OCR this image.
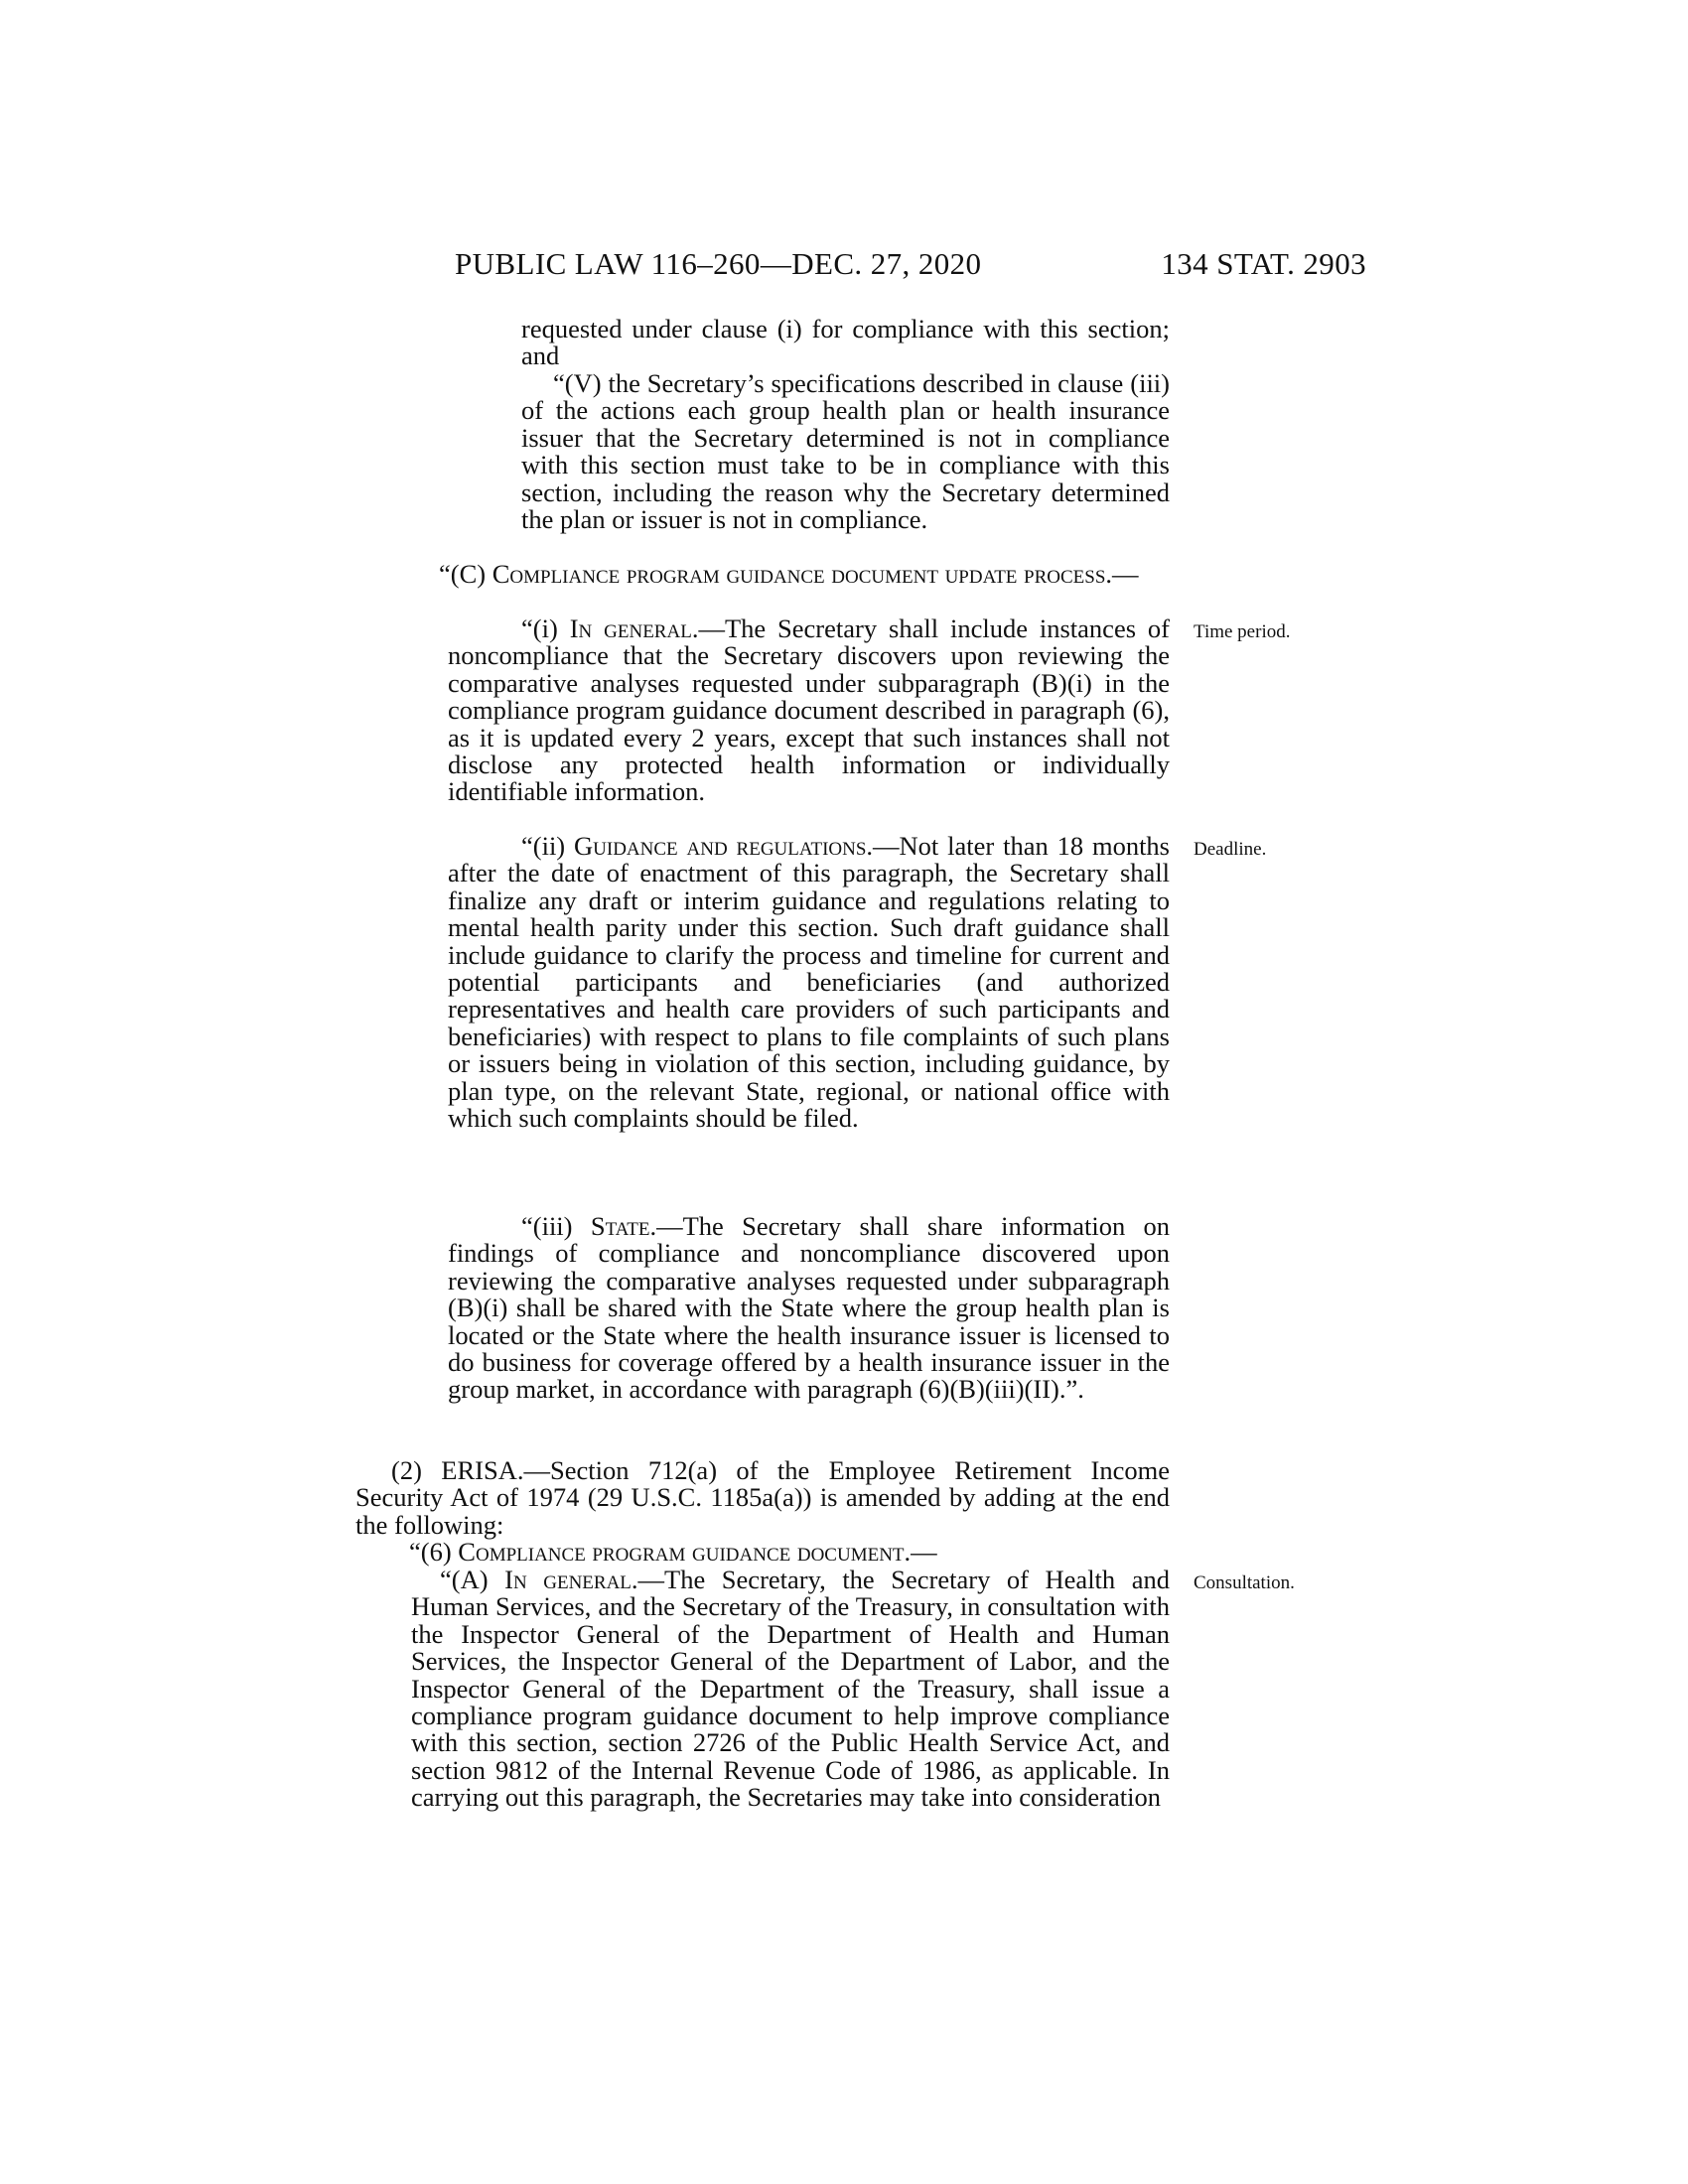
PUBLIC LAW 116–260—DEC. 27, 2020	134 STAT. 2903
requested under clause (i) for compliance with this section; and
“(V) the Secretary’s specifications described in clause (iii) of the actions each group health plan or health insurance issuer that the Secretary determined is not in compliance with this section must take to be in compliance with this section, including the reason why the Secretary determined the plan or issuer is not in compliance.
“(C) Compliance program guidance document update process.—
“(i) In general.—The Secretary shall include instances of noncompliance that the Secretary discovers upon reviewing the comparative analyses requested under subparagraph (B)(i) in the compliance program guidance document described in paragraph (6), as it is updated every 2 years, except that such instances shall not disclose any protected health information or individually identifiable information.
“(ii) Guidance and regulations.—Not later than 18 months after the date of enactment of this paragraph, the Secretary shall finalize any draft or interim guidance and regulations relating to mental health parity under this section. Such draft guidance shall include guidance to clarify the process and timeline for current and potential participants and beneficiaries (and authorized representatives and health care providers of such participants and beneficiaries) with respect to plans to file complaints of such plans or issuers being in violation of this section, including guidance, by plan type, on the relevant State, regional, or national office with which such complaints should be filed.
“(iii) State.—The Secretary shall share information on findings of compliance and noncompliance discovered upon reviewing the comparative analyses requested under subparagraph (B)(i) shall be shared with the State where the group health plan is located or the State where the health insurance issuer is licensed to do business for coverage offered by a health insurance issuer in the group market, in accordance with paragraph (6)(B)(iii)(II).”.
(2) ERISA.—Section 712(a) of the Employee Retirement Income Security Act of 1974 (29 U.S.C. 1185a(a)) is amended by adding at the end the following:
“(6) Compliance program guidance document.—
“(A) In general.—The Secretary, the Secretary of Health and Human Services, and the Secretary of the Treasury, in consultation with the Inspector General of the Department of Health and Human Services, the Inspector General of the Department of Labor, and the Inspector General of the Department of the Treasury, shall issue a compliance program guidance document to help improve compliance with this section, section 2726 of the Public Health Service Act, and section 9812 of the Internal Revenue Code of 1986, as applicable. In carrying out this paragraph, the Secretaries may take into consideration
Time period.
Deadline.
Consultation.
